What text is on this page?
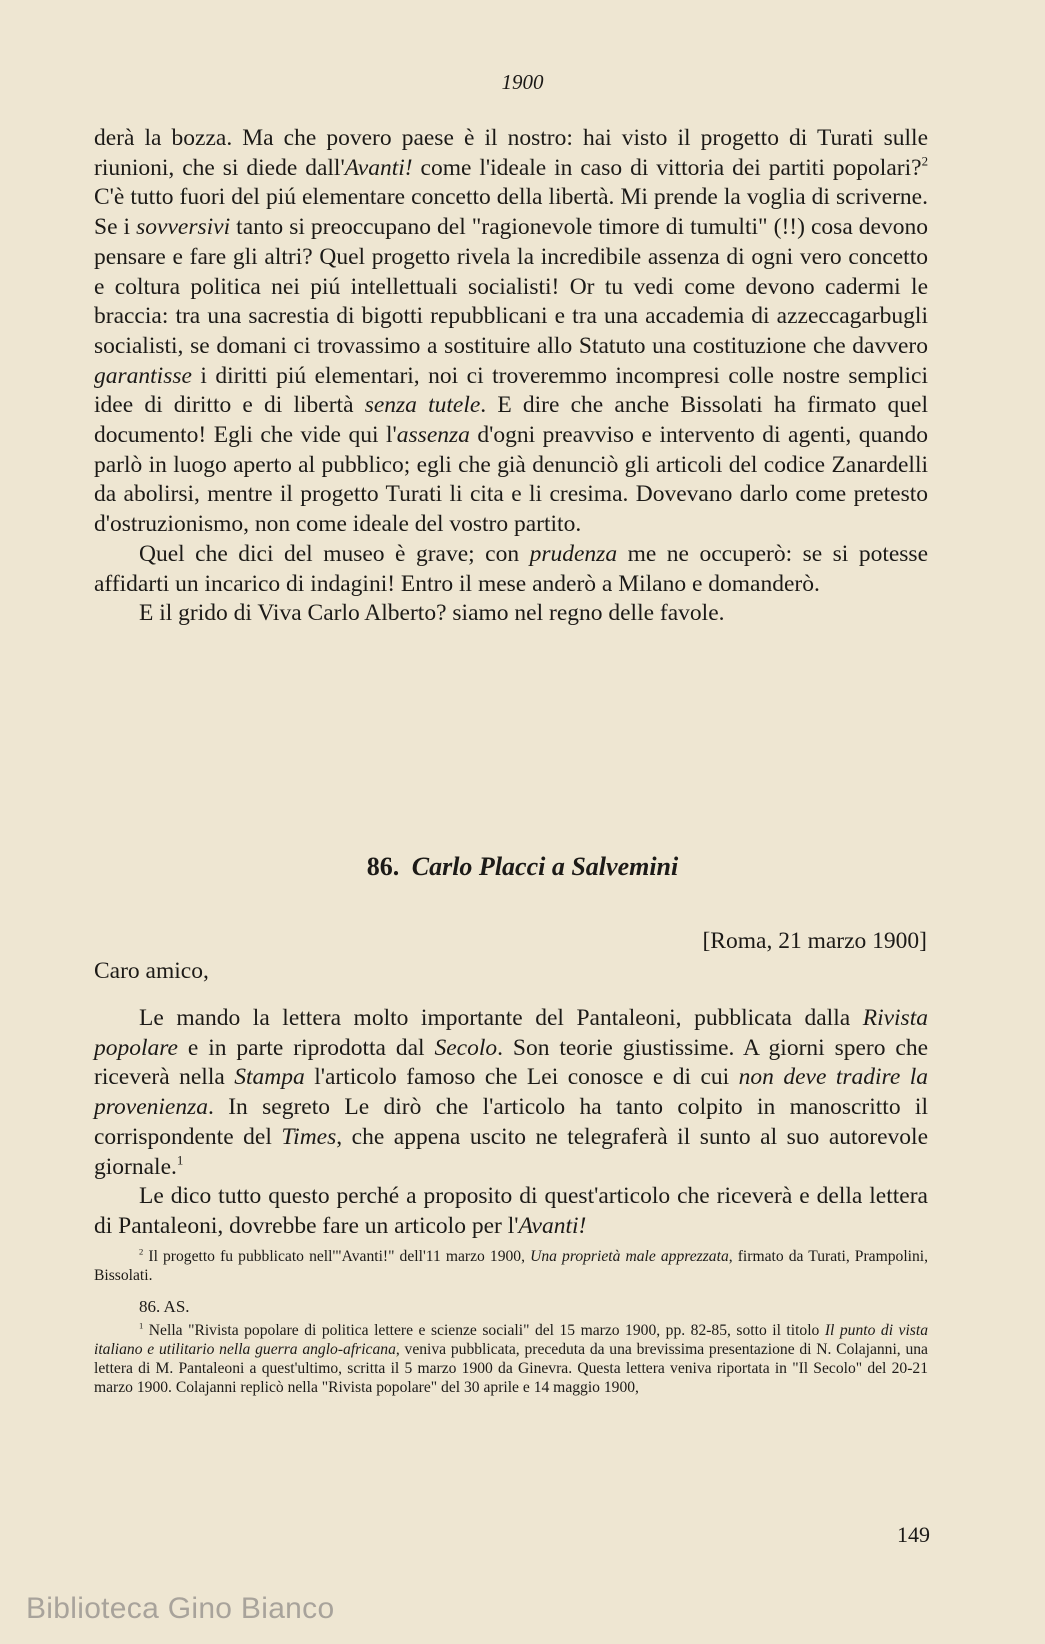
1900

derà la bozza. Ma che povero paese è il nostro: hai visto il progetto di Turati sulle riunioni, che si diede dall'Avanti! come l'ideale in caso di vittoria dei partiti popolari?$^2$ C'è tutto fuori del piú elementare concetto della libertà. Mi prende la voglia di scriverne. Se i sovversivi tanto si preoccupano del "ragionevole timore di tumulti" (!!) cosa devono pensare e fare gli altri? Quel progetto rivela la incredibile assenza di ogni vero concetto e coltura politica nei piú intellettuali socialisti! Or tu vedi come devono cadermi le braccia: tra una sacrestia di bigotti repubblicani e tra una accademia di azzeccagarbugli socialisti, se domani ci trovassimo a sostituire allo Statuto una costituzione che davvero garantisse i diritti piú elementari, noi ci troveremmo incompresi colle nostre semplici idee di diritto e di libertà senza tutele. E dire che anche Bissolati ha firmato quel documento! Egli che vide qui l'assenza d'ogni preavviso e intervento di agenti, quando parlò in luogo aperto al pubblico; egli che già denunciò gli articoli del codice Zanardelli da abolirsi, mentre il progetto Turati li cita e li cresima. Dovevano darlo come pretesto d'ostruzionismo, non come ideale del vostro partito.

Quel che dici del museo è grave; con prudenza me ne occuperò: se si potesse affidarti un incarico di indagini! Entro il mese anderò a Milano e domanderò.

E il grido di Viva Carlo Alberto? siamo nel regno delle favole.

86. Carlo Placci a Salvemini

[Roma, 21 marzo 1900]

Caro amico,

Le mando la lettera molto importante del Pantaleoni, pubblicata dalla Rivista popolare e in parte riprodotta dal Secolo. Son teorie giustissime. A giorni spero che riceverà nella Stampa l'articolo famoso che Lei conosce e di cui non deve tradire la provenienza. In segreto Le dirò che l'articolo ha tanto colpito in manoscritto il corrispondente del Times, che appena uscito ne telegraferà il sunto al suo autorevole giornale.$^1$

Le dico tutto questo perché a proposito di quest'articolo che riceverà e della lettera di Pantaleoni, dovrebbe fare un articolo per l'Avanti!

$^2$ Il progetto fu pubblicato nell'"Avanti!" dell'11 marzo 1900, Una proprietà male apprezzata, firmato da Turati, Prampolini, Bissolati.

86. AS.

$^1$ Nella "Rivista popolare di politica lettere e scienze sociali" del 15 marzo 1900, pp. 82-85, sotto il titolo Il punto di vista italiano e utilitario nella guerra anglo-africana, veniva pubblicata, preceduta da una brevissima presentazione di N. Colajanni, una lettera di M. Pantaleoni a quest'ultimo, scritta il 5 marzo 1900 da Ginevra. Questa lettera veniva riportata in "Il Secolo" del 20-21 marzo 1900. Colajanni replicò nella "Rivista popolare" del 30 aprile e 14 maggio 1900,

149

Biblioteca Gino Bianco
